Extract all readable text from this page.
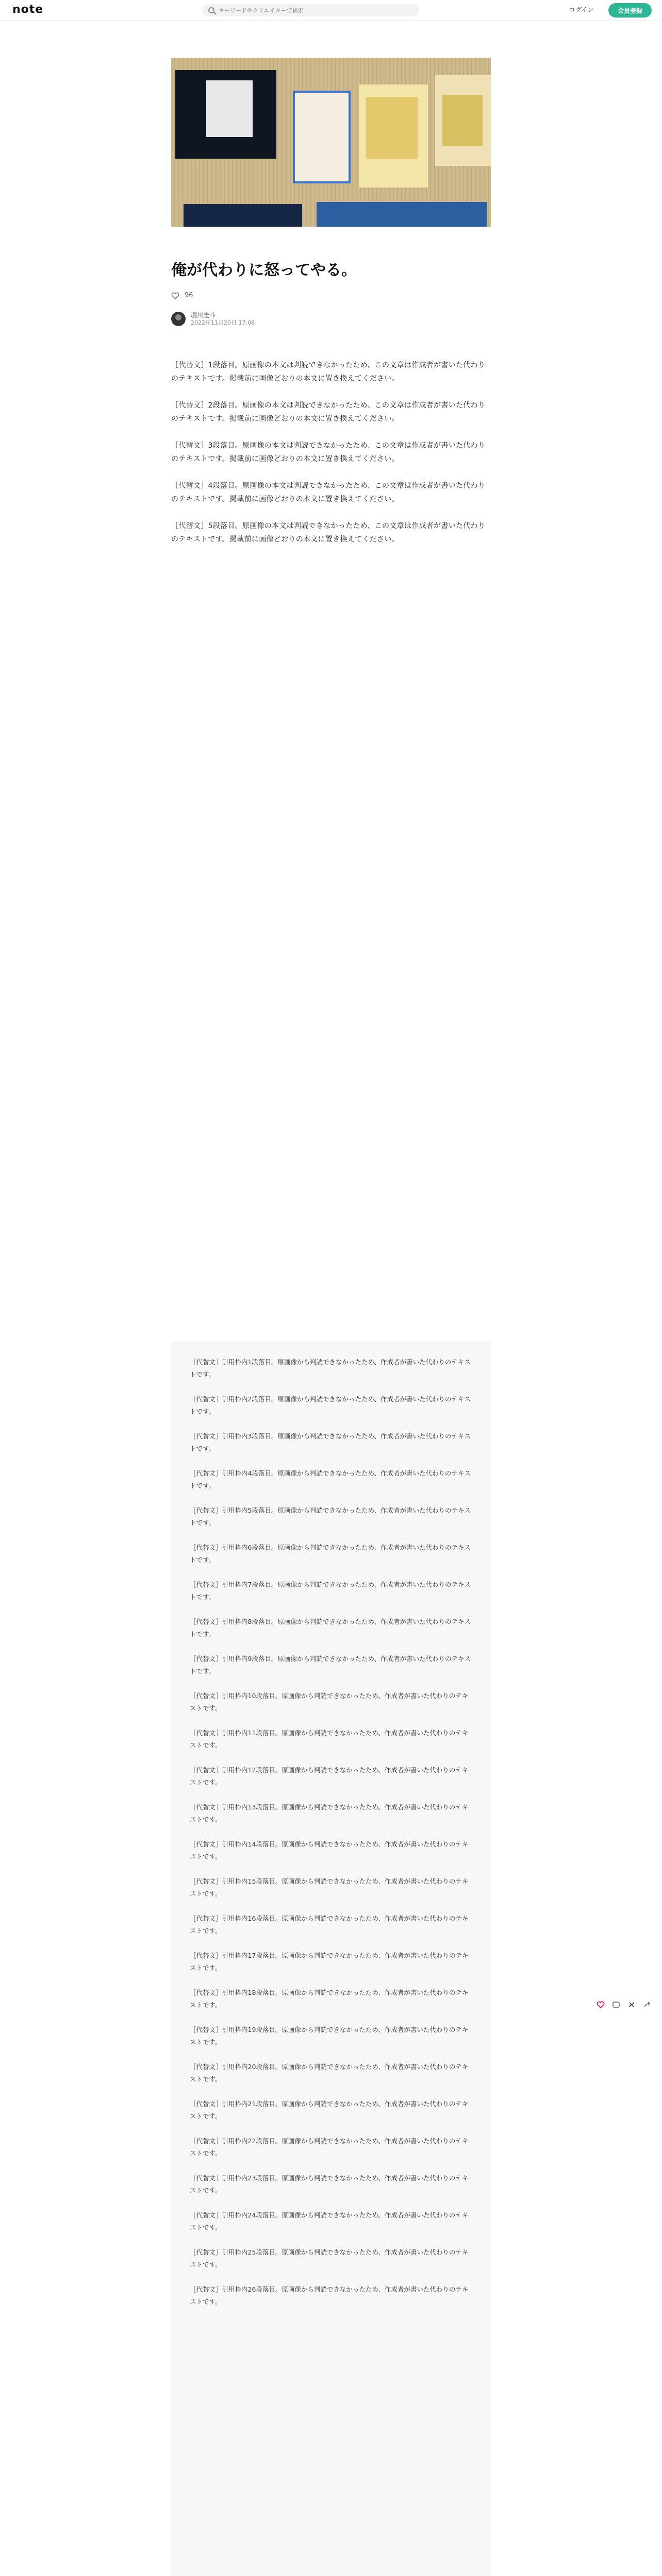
note
キーワードやクリエイターで検索	ログイン	会員登録
俺が代わりに怒ってやる。
96
堀川圭斗
2022年11月20日 17:06

［代替文］1段落目。原画像の本文は判読できなかったため、この文章は作成者が書いた代わりのテキストです。掲載前に画像どおりの本文に置き換えてください。

［代替文］2段落目。原画像の本文は判読できなかったため、この文章は作成者が書いた代わりのテキストです。掲載前に画像どおりの本文に置き換えてください。

［代替文］3段落目。原画像の本文は判読できなかったため、この文章は作成者が書いた代わりのテキストです。掲載前に画像どおりの本文に置き換えてください。

［代替文］4段落目。原画像の本文は判読できなかったため、この文章は作成者が書いた代わりのテキストです。掲載前に画像どおりの本文に置き換えてください。

［代替文］5段落目。原画像の本文は判読できなかったため、この文章は作成者が書いた代わりのテキストです。掲載前に画像どおりの本文に置き換えてください。

［代替文］引用枠内1段落目。原画像から判読できなかったため、作成者が書いた代わりのテキストです。

［代替文］引用枠内2段落目。原画像から判読できなかったため、作成者が書いた代わりのテキストです。

［代替文］引用枠内3段落目。原画像から判読できなかったため、作成者が書いた代わりのテキストです。

［代替文］引用枠内4段落目。原画像から判読できなかったため、作成者が書いた代わりのテキストです。

［代替文］引用枠内5段落目。原画像から判読できなかったため、作成者が書いた代わりのテキストです。

［代替文］引用枠内6段落目。原画像から判読できなかったため、作成者が書いた代わりのテキストです。

［代替文］引用枠内7段落目。原画像から判読できなかったため、作成者が書いた代わりのテキストです。

［代替文］引用枠内8段落目。原画像から判読できなかったため、作成者が書いた代わりのテキストです。

［代替文］引用枠内9段落目。原画像から判読できなかったため、作成者が書いた代わりのテキストです。

［代替文］引用枠内10段落目。原画像から判読できなかったため、作成者が書いた代わりのテキストです。

［代替文］引用枠内11段落目。原画像から判読できなかったため、作成者が書いた代わりのテキストです。

［代替文］引用枠内12段落目。原画像から判読できなかったため、作成者が書いた代わりのテキストです。

［代替文］引用枠内13段落目。原画像から判読できなかったため、作成者が書いた代わりのテキストです。

［代替文］引用枠内14段落目。原画像から判読できなかったため、作成者が書いた代わりのテキストです。

［代替文］引用枠内15段落目。原画像から判読できなかったため、作成者が書いた代わりのテキストです。

［代替文］引用枠内16段落目。原画像から判読できなかったため、作成者が書いた代わりのテキストです。

［代替文］引用枠内17段落目。原画像から判読できなかったため、作成者が書いた代わりのテキストです。

［代替文］引用枠内18段落目。原画像から判読できなかったため、作成者が書いた代わりのテキストです。

［代替文］引用枠内19段落目。原画像から判読できなかったため、作成者が書いた代わりのテキストです。

［代替文］引用枠内20段落目。原画像から判読できなかったため、作成者が書いた代わりのテキストです。

［代替文］引用枠内21段落目。原画像から判読できなかったため、作成者が書いた代わりのテキストです。

［代替文］引用枠内22段落目。原画像から判読できなかったため、作成者が書いた代わりのテキストです。

［代替文］引用枠内23段落目。原画像から判読できなかったため、作成者が書いた代わりのテキストです。

［代替文］引用枠内24段落目。原画像から判読できなかったため、作成者が書いた代わりのテキストです。

［代替文］引用枠内25段落目。原画像から判読できなかったため、作成者が書いた代わりのテキストです。

［代替文］引用枠内26段落目。原画像から判読できなかったため、作成者が書いた代わりのテキストです。
